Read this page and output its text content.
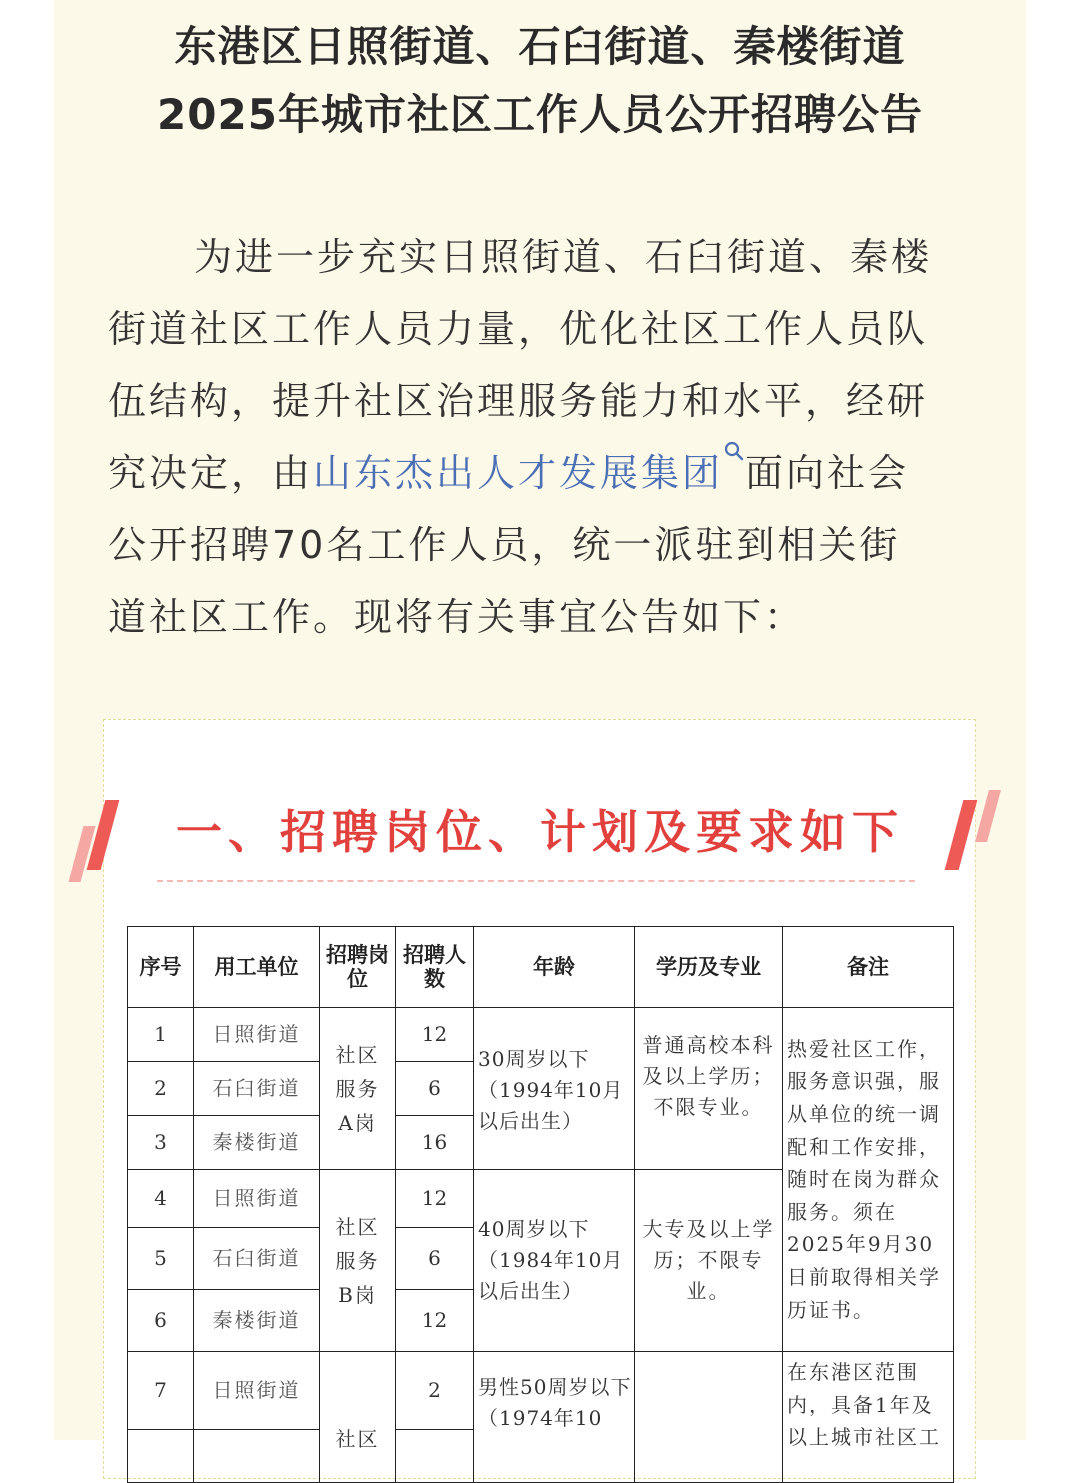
东港区日照街道、石臼街道、秦楼街道
2025年城市社区工作人员公开招聘公告
为进一步充实日照街道、石臼街道、秦楼
街道社区工作人员力量，优化社区工作人员队
伍结构，提升社区治理服务能力和水平，经研
究决定，由山东杰出人才发展集团 面向社会
公开招聘70名工作人员，统一派驻到相关街
道社区工作。现将有关事宜公告如下：
一、招聘岗位、计划及要求如下
序号	用工单位	招聘岗位	招聘人数	年龄	学历及专业	备注
1	日照街道	社区服务A岗	12	30周岁以下（1994年10月以后出生）	普通高校本科及以上学历；不限专业。	热爱社区工作，服务意识强，服从单位的统一调配和工作安排，随时在岗为群众服务。须在2025年9月30日前取得相关学历证书。
2	石臼街道		6			
3	秦楼街道		16			
4	日照街道	社区服务B岗	12	40周岁以下（1984年10月以后出生）	大专及以上学历；不限专业。	
5	石臼街道		6			
6	秦楼街道		12			
7	日照街道	社区	2	男性50周岁以下（1974年10		在东港区范围内，具备1年及以上城市社区工
